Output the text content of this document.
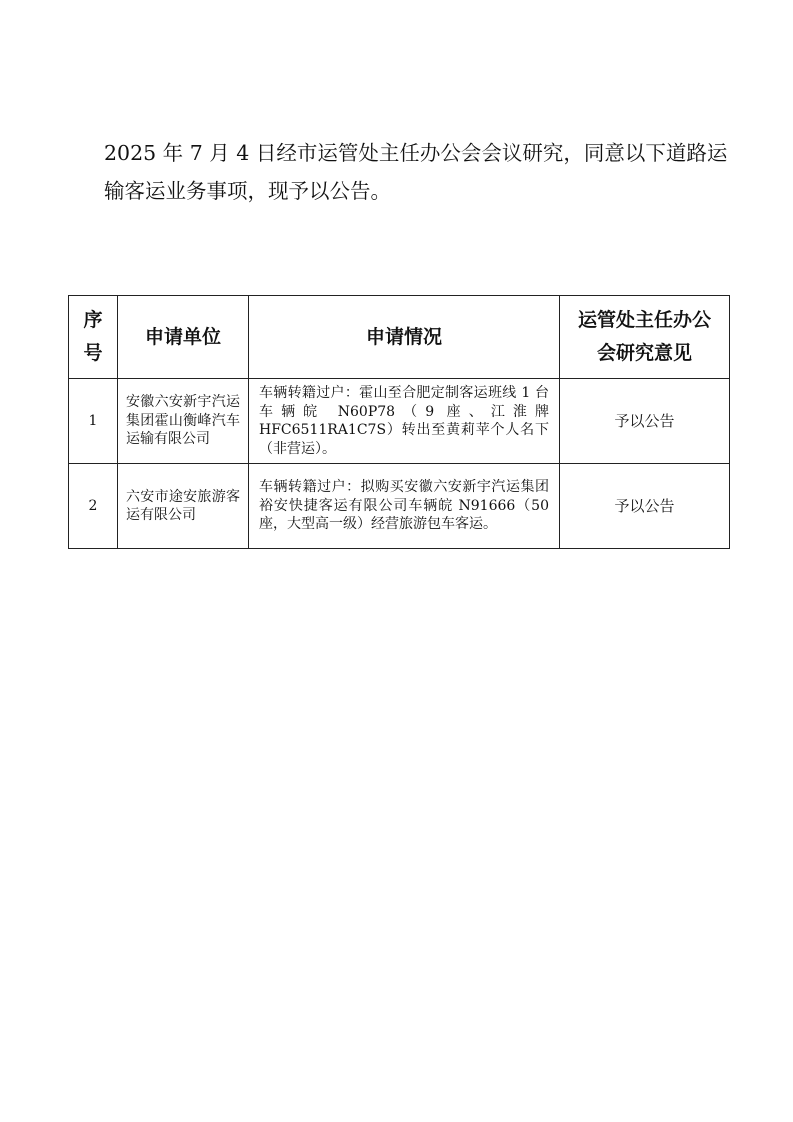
2025 年 7 月 4 日经市运管处主任办公会会议研究，同意以下道路运
输客运业务事项，现予以公告。

序号	申请单位	申请情况	运管处主任办公会研究意见
1	安徽六安新宇汽运集团霍山衡峰汽车运输有限公司	车辆转籍过户：霍山至合肥定制客运班线 1 台车辆皖 N60P78（9 座、江淮牌 HFC6511RA1C7S）转出至黄莉苹个人名下（非营运）。	予以公告
2	六安市途安旅游客运有限公司	车辆转籍过户：拟购买安徽六安新宇汽运集团裕安快捷客运有限公司车辆皖 N91666（50 座，大型高一级）经营旅游包车客运。	予以公告
